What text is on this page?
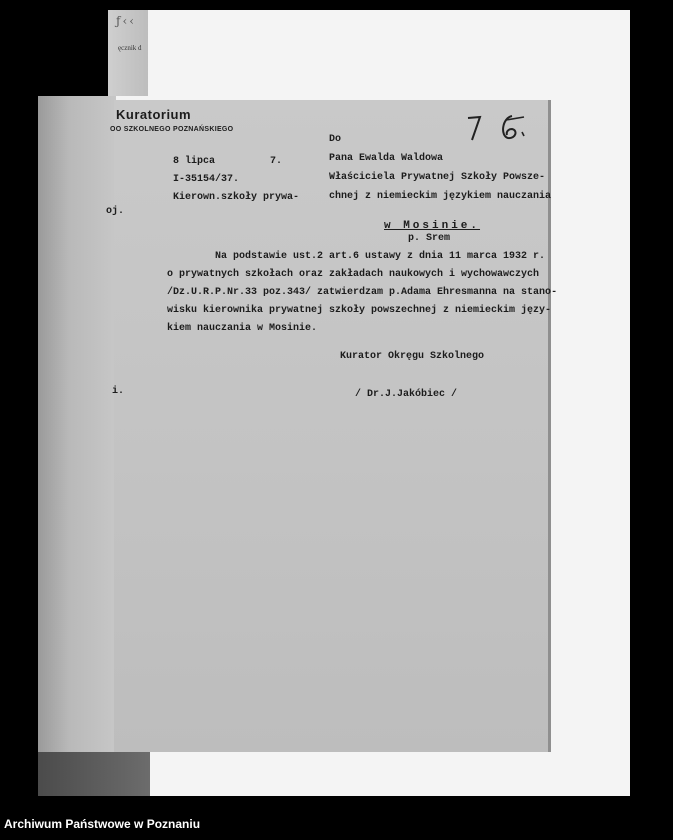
ƒ‹‹
ęcznik d
Kuratorium
OO SZKOLNEGO POZNAŃSKIEGO
8 lipca	7.
I-35154/37.
Kierown.szkoły prywa-
oj.
Do
Pana Ewalda Waldowa
Właściciela Prywatnej Szkoły Powsze-
chnej z niemieckim językiem nauczania
w Mosinie.
p. Srem
Na podstawie ust.2 art.6 ustawy z dnia 11 marca 1932 r.
o prywatnych szkołach oraz zakładach naukowych i wychowawczych
/Dz.U.R.P.Nr.33 poz.343/ zatwierdzam p.Adama Ehresmanna na stano-
wisku kierownika prywatnej szkoły powszechnej z niemieckim języ-
kiem nauczania w Mosinie.
Kurator Okręgu Szkolnego
/ Dr.J.Jakóbiec /
i.
Archiwum Państwowe w Poznaniu
